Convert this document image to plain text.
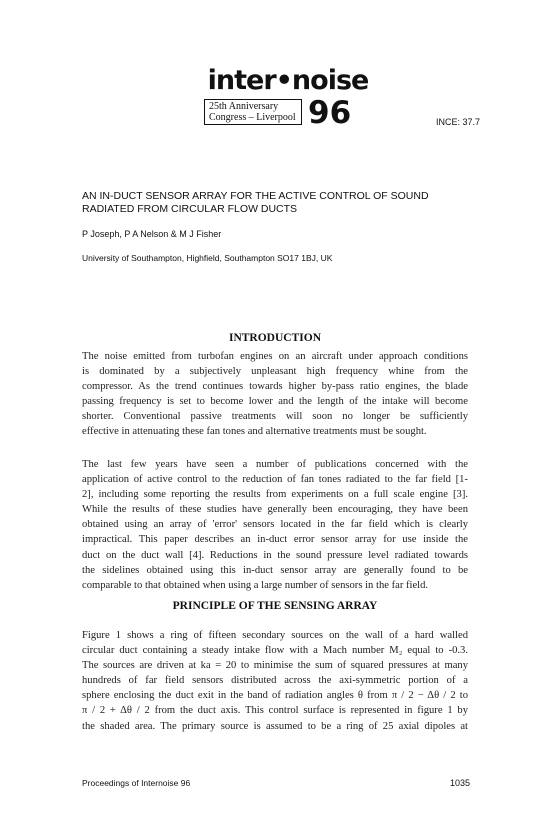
inter•noise
25th Anniversary
Congress – Liverpool 96	INCE: 37.7
AN IN-DUCT SENSOR ARRAY FOR THE ACTIVE CONTROL OF SOUND
RADIATED FROM CIRCULAR FLOW DUCTS
P Joseph, P A Nelson & M J Fisher
University of Southampton, Highfield, Southampton SO17 1BJ, UK
INTRODUCTION
The noise emitted from turbofan engines on an aircraft under approach conditions
is dominated by a subjectively unpleasant high frequency whine from the
compressor. As the trend continues towards higher by-pass ratio engines, the blade
passing frequency is set to become lower and the length of the intake will become
shorter. Conventional passive treatments will soon no longer be sufficiently
effective in attenuating these fan tones and alternative treatments must be sought.
The last few years have seen a number of publications concerned with the
application of active control to the reduction of fan tones radiated to the far field [1-
2], including some reporting the results from experiments on a full scale engine [3].
While the results of these studies have generally been encouraging, they have been
obtained using an array of 'error' sensors located in the far field which is clearly
impractical. This paper describes an in-duct error sensor array for use inside the
duct on the duct wall [4]. Reductions in the sound pressure level radiated towards
the sidelines obtained using this in-duct sensor array are generally found to be
comparable to that obtained when using a large number of sensors in the far field.
PRINCIPLE OF THE SENSING ARRAY
Figure 1 shows a ring of fifteen secondary sources on the wall of a hard walled
circular duct containing a steady intake flow with a Mach number M₂ equal to -0.3.
The sources are driven at ka = 20 to minimise the sum of squared pressures at many
hundreds of far field sensors distributed across the axi-symmetric portion of a
sphere enclosing the duct exit in the band of radiation angles θ from π / 2 − Δθ / 2 to
π / 2 + Δθ / 2 from the duct axis. This control surface is represented in figure 1 by
the shaded area. The primary source is assumed to be a ring of 25 axial dipoles at
Proceedings of Internoise 96	1035
